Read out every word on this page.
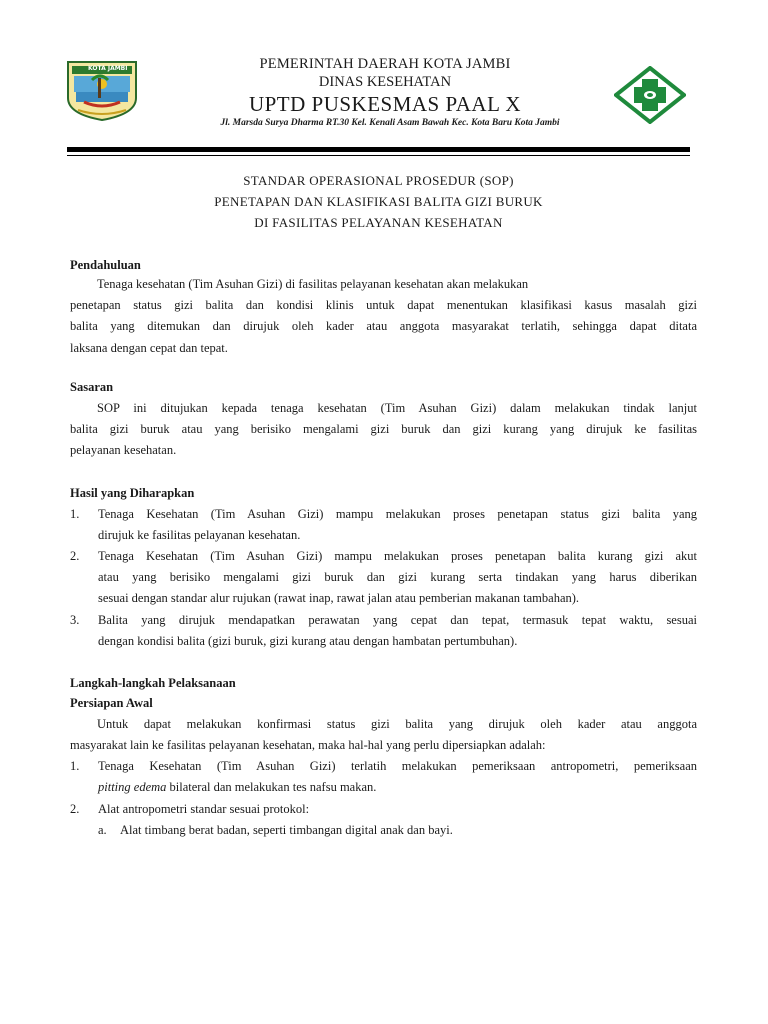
KOTA JAMBI	PEMERINTAH DAERAH KOTA JAMBI
DINAS KESEHATAN
UPTD PUSKESMAS PAAL X
Jl. Marsda Surya Dharma RT.30 Kel. Kenali Asam Bawah Kec. Kota Baru Kota Jambi
STANDAR OPERASIONAL PROSEDUR (SOP)
PENETAPAN DAN KLASIFIKASI BALITA GIZI BURUK
DI FASILITAS PELAYANAN KESEHATAN
Pendahuluan
Tenaga kesehatan (Tim Asuhan Gizi) di fasilitas pelayanan kesehatan akan melakukan
penetapan status gizi balita dan kondisi klinis untuk dapat menentukan klasifikasi kasus masalah gizi
balita yang ditemukan dan dirujuk oleh kader atau anggota masyarakat terlatih, sehingga dapat ditata
laksana dengan cepat dan tepat.
Sasaran
SOP ini ditujukan kepada tenaga kesehatan (Tim Asuhan Gizi) dalam melakukan tindak lanjut
balita gizi buruk atau yang berisiko mengalami gizi buruk dan gizi kurang yang dirujuk ke fasilitas
pelayanan kesehatan.
Hasil yang Diharapkan
1. Tenaga Kesehatan (Tim Asuhan Gizi) mampu melakukan proses penetapan status gizi balita yang
dirujuk ke fasilitas pelayanan kesehatan.
2. Tenaga Kesehatan (Tim Asuhan Gizi) mampu melakukan proses penetapan balita kurang gizi akut
atau yang berisiko mengalami gizi buruk dan gizi kurang serta tindakan yang harus diberikan
sesuai dengan standar alur rujukan (rawat inap, rawat jalan atau pemberian makanan tambahan).
3. Balita yang dirujuk mendapatkan perawatan yang cepat dan tepat, termasuk tepat waktu, sesuai
dengan kondisi balita (gizi buruk, gizi kurang atau dengan hambatan pertumbuhan).
Langkah-langkah Pelaksanaan
Persiapan Awal
Untuk dapat melakukan konfirmasi status gizi balita yang dirujuk oleh kader atau anggota
masyarakat lain ke fasilitas pelayanan kesehatan, maka hal-hal yang perlu dipersiapkan adalah:
1. Tenaga Kesehatan (Tim Asuhan Gizi) terlatih melakukan pemeriksaan antropometri, pemeriksaan
pitting edema bilateral dan melakukan tes nafsu makan.
2. Alat antropometri standar sesuai protokol:
a. Alat timbang berat badan, seperti timbangan digital anak dan bayi.
